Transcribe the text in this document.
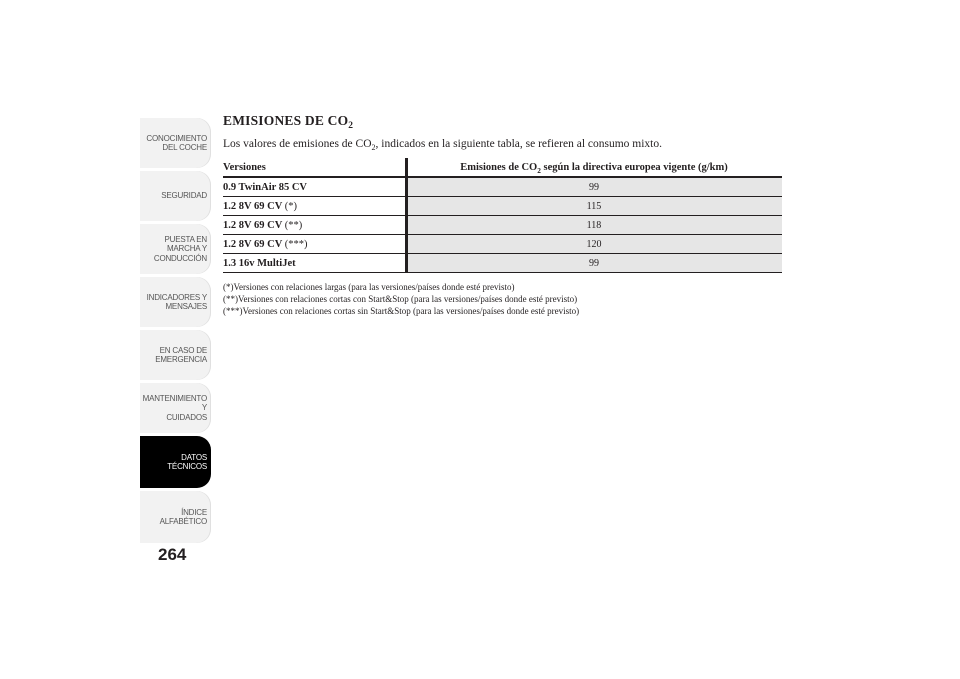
CONOCIMIENTO
DEL COCHE
SEGURIDAD
PUESTA EN
MARCHA Y
CONDUCCIÓN
INDICADORES Y
MENSAJES
EN CASO DE
EMERGENCIA
MANTENIMIENTO Y
CUIDADOS
DATOS TÉCNICOS
ÍNDICE
ALFABÉTICO
264
EMISIONES DE $CO_2$

Los valores de emisiones de $CO_2$, indicados en la siguiente tabla, se refieren al consumo mixto.

Versiones	Emisiones de $CO_2$ según la directiva europea vigente (g/km)
0.9 TwinAir 85 CV	99
1.2 8V 69 CV (*)	115
1.2 8V 69 CV (**)	118
1.2 8V 69 CV (***)	120
1.3 16v MultiJet	99
(*)Versiones con relaciones largas (para las versiones/países donde esté previsto)
(**)Versiones con relaciones cortas con Start&Stop (para las versiones/países donde esté previsto)
(***)Versiones con relaciones cortas sin Start&Stop (para las versiones/países donde esté previsto)
